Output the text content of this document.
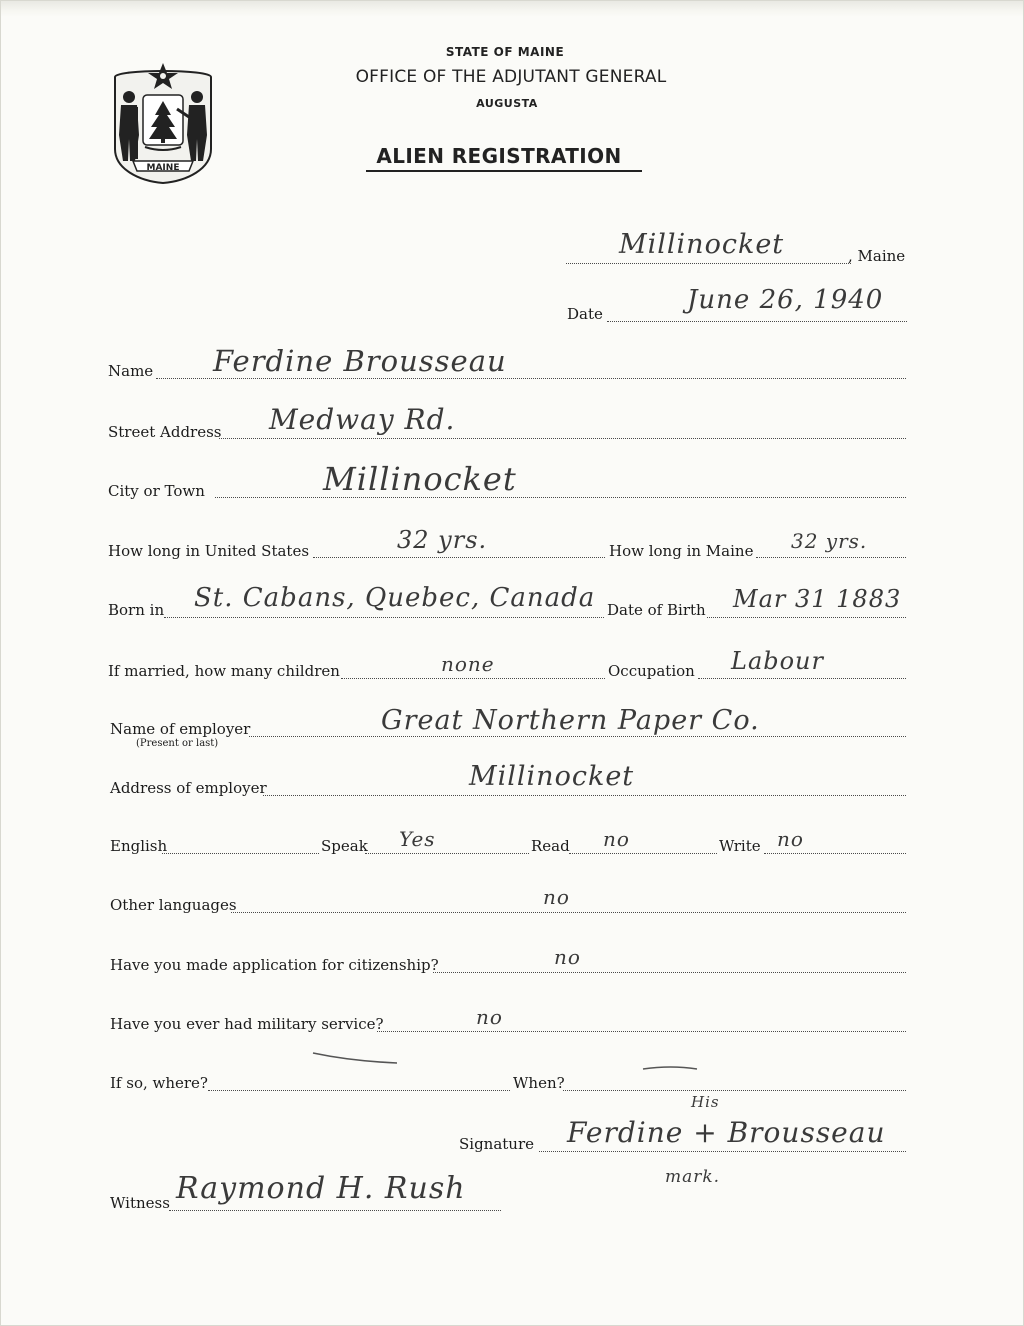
MAINE
STATE OF MAINE
OFFICE OF THE ADJUTANT GENERAL
AUGUSTA
ALIEN REGISTRATION
Millinocket	, Maine
Date	June 26, 1940
Name Ferdine Brousseau
Street Address Medway Rd.
City or Town	Millinocket
How long in United States	32 yrs.	How long in Maine 32 yrs.
Born in St. Cabans, Quebec, Canada Date of Birth Mar 31 1883
If married, how many children	none	Occupation Labour
Name of employer
(Present or last)
Great Northern Paper Co.
Address of employer	Millinocket
English	Speak Yes	Read no	Write no
Other languages	no
Have you made application for citizenship?	no
Have you ever had military service?	no
If so, where?	When?
His
Signature Ferdine + Brousseau
mark.
Witness Raymond H. Rush
